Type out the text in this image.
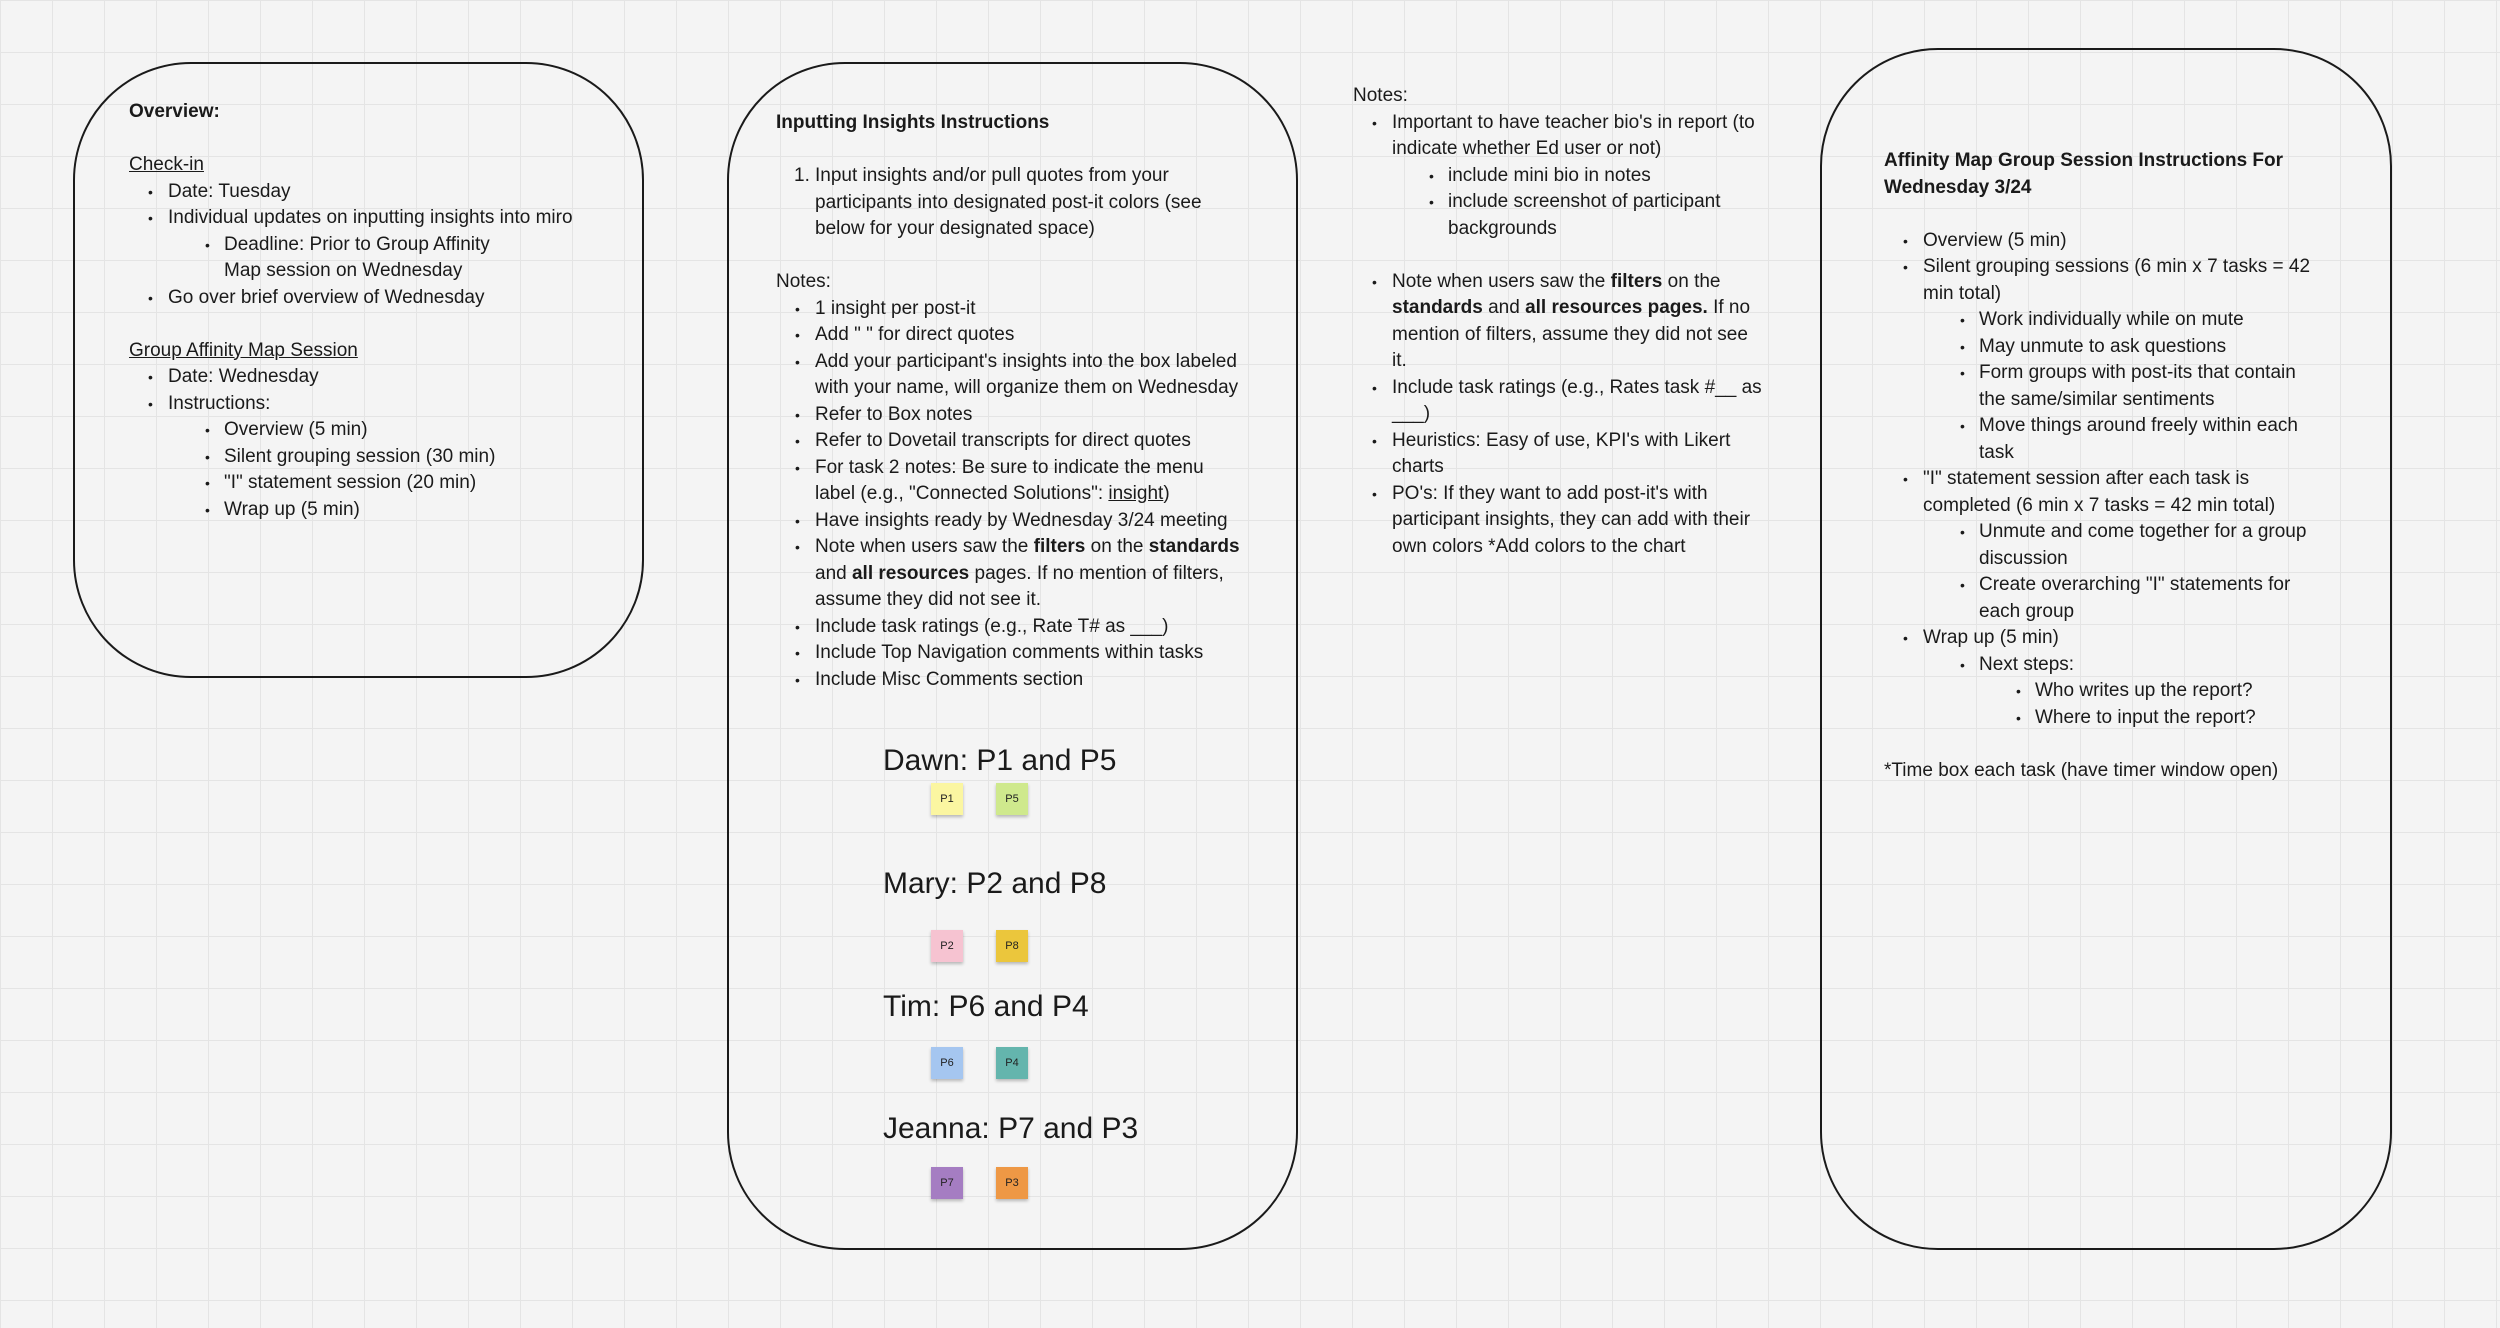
Overview:

Check-in

• Date: Tuesday
• Individual updates on inputting insights into miro
• Deadline: Prior to Group Affinity Map session on Wednesday
• Go over brief overview of Wednesday

Group Affinity Map Session

• Date: Wednesday
• Instructions:
• Overview (5 min)
• Silent grouping session (30 min)
• "I" statement session (20 min)
• Wrap up (5 min)

Inputting Insights Instructions

1. Input insights and/or pull quotes from your participants into designated post-it colors (see below for your designated space)

Notes:

• 1 insight per post-it
• Add " " for direct quotes
• Add your participant's insights into the box labeled with your name, will organize them on Wednesday
• Refer to Box notes
• Refer to Dovetail transcripts for direct quotes
• For task 2 notes: Be sure to indicate the menu label (e.g., "Connected Solutions": insight)
• Have insights ready by Wednesday 3/24 meeting
• Note when users saw the filters on the standards and all resources pages. If no mention of filters, assume they did not see it.
• Include task ratings (e.g., Rate T# as ___)
• Include Top Navigation comments within tasks
• Include Misc Comments section
Dawn: P1 and P5
P1	P5
Mary: P2 and P8
P2	P8
Tim: P6 and P4
P6	P4
Jeanna: P7 and P3
P7	P3

Notes:

• Important to have teacher bio's in report (to indicate whether Ed user or not)
• include mini bio in notes
• include screenshot of participant backgrounds
• Note when users saw the filters on the standards and all resources pages. If no mention of filters, assume they did not see it.
• Include task ratings (e.g., Rates task #__ as ___)
• Heuristics: Easy of use, KPI's with Likert charts
• PO's: If they want to add post-it's with participant insights, they can add with their own colors *Add colors to the chart

Affinity Map Group Session Instructions For Wednesday 3/24

• Overview (5 min)
• Silent grouping sessions (6 min x 7 tasks = 42 min total)
• Work individually while on mute
• May unmute to ask questions
• Form groups with post-its that contain the same/similar sentiments
• Move things around freely within each task
• "I" statement session after each task is completed (6 min x 7 tasks = 42 min total)
• Unmute and come together for a group discussion
• Create overarching "I" statements for each group
• Wrap up (5 min)
• Next steps:
• Who writes up the report?
• Where to input the report?

*Time box each task (have timer window open)
